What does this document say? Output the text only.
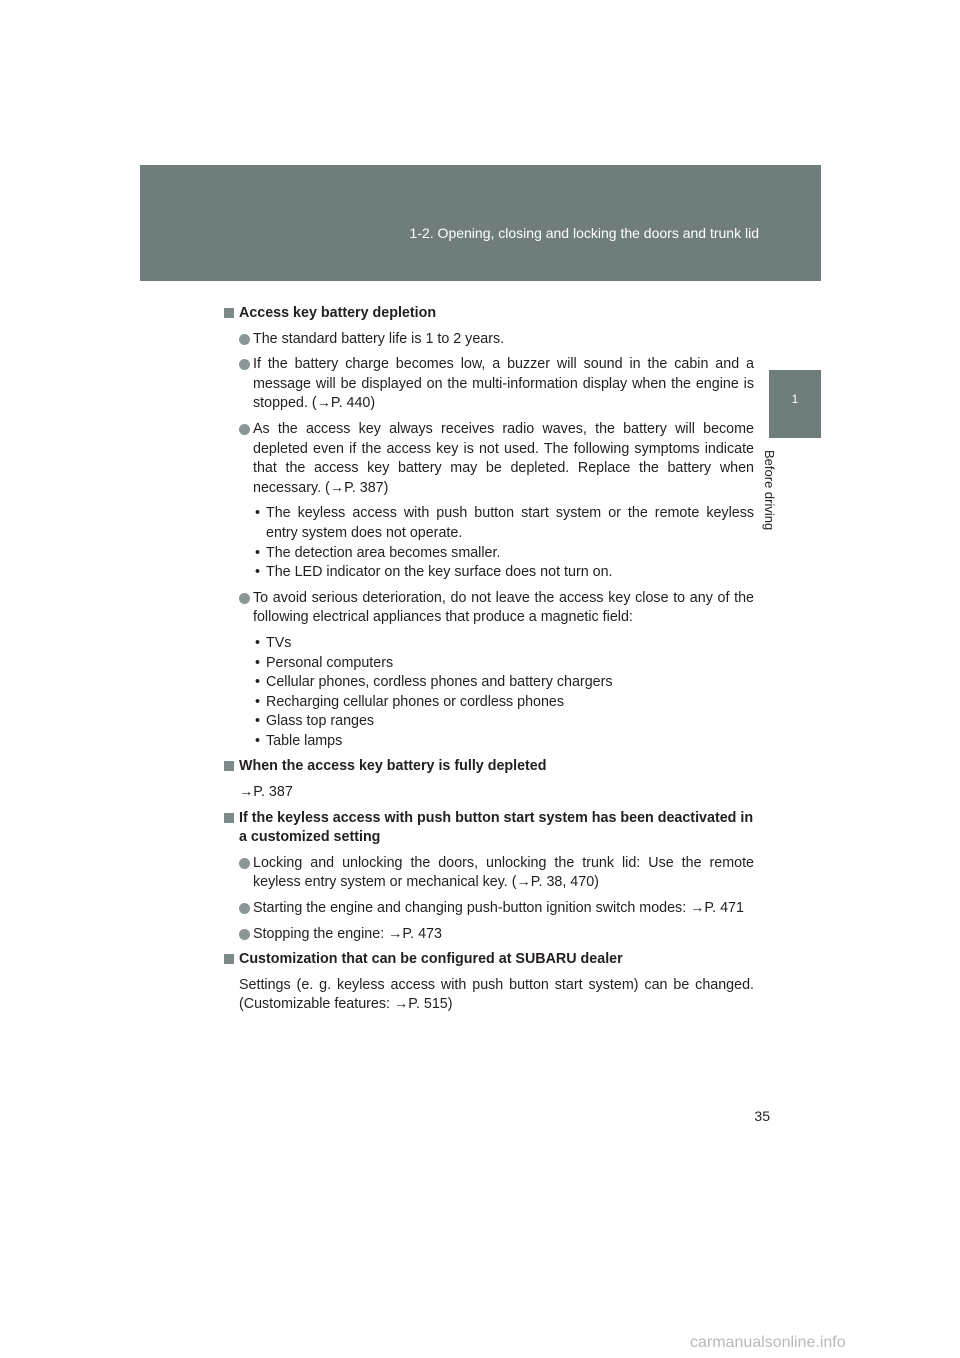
1-2. Opening, closing and locking the doors and trunk lid
1
Before driving
Access key battery depletion
The standard battery life is 1 to 2 years.
If the battery charge becomes low, a buzzer will sound in the cabin and a message will be displayed on the multi-information display when the engine is stopped. (→P. 440)
As the access key always receives radio waves, the battery will become depleted even if the access key is not used. The following symptoms indicate that the access key battery may be depleted. Replace the battery when necessary. (→P. 387)
• The keyless access with push button start system or the remote keyless entry system does not operate.
• The detection area becomes smaller.
• The LED indicator on the key surface does not turn on.
To avoid serious deterioration, do not leave the access key close to any of the following electrical appliances that produce a magnetic field:
• TVs
• Personal computers
• Cellular phones, cordless phones and battery chargers
• Recharging cellular phones or cordless phones
• Glass top ranges
• Table lamps
When the access key battery is fully depleted
→P. 387
If the keyless access with push button start system has been deactivated in a customized setting
Locking and unlocking the doors, unlocking the trunk lid: Use the remote keyless entry system or mechanical key. (→P. 38, 470)
Starting the engine and changing push-button ignition switch modes: →P. 471
Stopping the engine: →P. 473
Customization that can be configured at SUBARU dealer
Settings (e. g. keyless access with push button start system) can be changed. (Customizable features: →P. 515)
35
carmanualsonline.info
